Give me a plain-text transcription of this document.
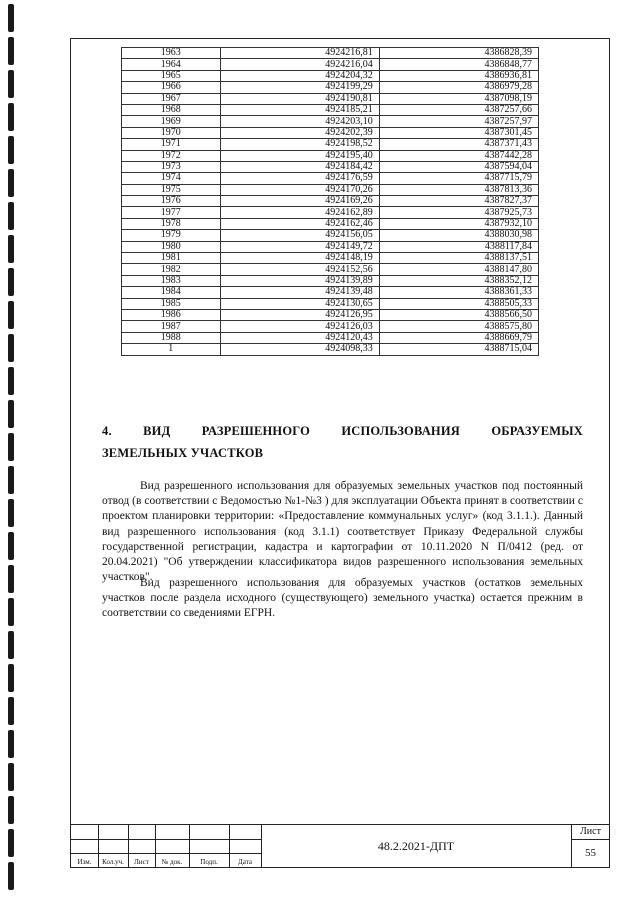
1963	4924216,81	4386828,39
1964	4924216,04	4386848,77
1965	4924204,32	4386936,81
1966	4924199,29	4386979,28
1967	4924190,81	4387098,19
1968	4924185,21	4387257,66
1969	4924203,10	4387257,97
1970	4924202,39	4387301,45
1971	4924198,52	4387371,43
1972	4924195,40	4387442,28
1973	4924184,42	4387594,04
1974	4924176,59	4387715,79
1975	4924170,26	4387813,36
1976	4924169,26	4387827,37
1977	4924162,89	4387925,73
1978	4924162,46	4387932,10
1979	4924156,05	4388030,98
1980	4924149,72	4388117,84
1981	4924148,19	4388137,51
1982	4924152,56	4388147,80
1983	4924139,89	4388352,12
1984	4924139,48	4388361,33
1985	4924130,65	4388505,33
1986	4924126,95	4388566,50
1987	4924126,03	4388575,80
1988	4924120,43	4388669,79
1	4924098,33	4388715,04
4.	ВИД	РАЗРЕШЕННОГО	ИСПОЛЬЗОВАНИЯ	ОБРАЗУЕМЫХ
ЗЕМЕЛЬНЫХ УЧАСТКОВ
Вид разрешенного использования для образуемых земельных участков под постоянный отвод (в соответствии с Ведомостью №1-№3 ) для эксплуатации Объекта принят в соответствии с проектом планировки территории: «Предоставление коммунальных услуг» (код 3.1.1.). Данный вид разрешенного использования (код 3.1.1) соответствует Приказу Федеральной службы государственной регистрации, кадастра и картографии от 10.11.2020 N П/0412 (ред. от 20.04.2021) "Об утверждении классификатора видов разрешенного использования земельных участков".
Вид разрешенного использования для образуемых участков (остатков земельных участков после раздела исходного (существующего) земельного участка) остается прежним в соответствии со сведениями ЕГРН.
Изм.	Кол.уч.	Лист	№ док.	Подп.	Дата
48.2.2021-ДПТ
Лист
55
